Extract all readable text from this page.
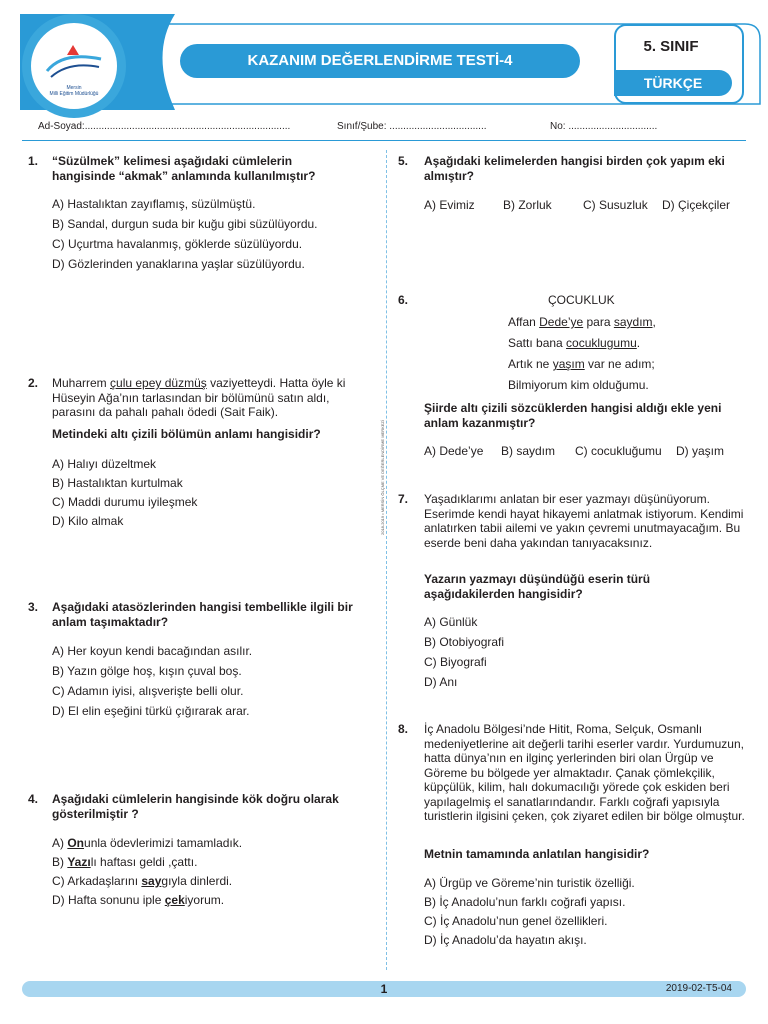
Mersin
Milli Eğitim Müdürlüğü
KAZANIM DEĞERLENDİRME TESTİ-4
5. SINIF
TÜRKÇE
Ad-Soyad:..........................................................................	Sınıf/Şube: ...................................	No: ................................
2018-2019 • MERSİN ÖLÇME VE DEĞERLENDİRME MERKEZİ
1. “Süzülmek” kelimesi aşağıdaki cümlelerin hangisinde “akmak” anlamında kullanılmıştır?
A) Hastalıktan zayıflamış, süzülmüştü.
B) Sandal, durgun suda bir kuğu gibi süzülüyordu.
C) Uçurtma havalanmış, göklerde süzülüyordu.
D) Gözlerinden yanaklarına yaşlar süzülüyordu.
2. Muharrem çulu epey düzmüş vaziyetteydi. Hatta öyle ki Hüseyin Ağa’nın tarlasından bir bölümünü satın aldı, parasını da pahalı pahalı ödedi (Sait Faik).
Metindeki altı çizili bölümün anlamı hangisidir?
A) Halıyı düzeltmek
B) Hastalıktan kurtulmak
C) Maddi durumu iyileşmek
D) Kilo almak
3. Aşağıdaki atasözlerinden hangisi tembellikle ilgili bir anlam taşımaktadır?
A) Her koyun kendi bacağından asılır.
B) Yazın gölge hoş, kışın çuval boş.
C) Adamın iyisi, alışverişte belli olur.
D) El elin eşeğini türkü çığırarak arar.
4. Aşağıdaki cümlelerin hangisinde kök doğru olarak gösterilmiştir ?
A) Onunla ödevlerimizi tamamladık.
B) Yazılı haftası geldi ,çattı.
C) Arkadaşlarını saygıyla dinlerdi.
D) Hafta sonunu iple çekiyorum.
5. Aşağıdaki kelimelerden hangisi birden çok yapım eki almıştır?
A) Evimiz B) Zorluk	C) Susuzluk D) Çiçekçiler
6.	ÇOCUKLUK
Affan Dede’ye para saydım,
Sattı bana cocuklugumu.
Artık ne yaşım var ne adım;
Bilmiyorum kim olduğumu.
Şiirde altı çizili sözcüklerden hangisi aldığı ekle yeni anlam kazanmıştır?
A) Dede’ye B) saydım C) cocukluğumu D) yaşım
7. Yaşadıklarımı anlatan bir eser yazmayı düşünüyorum. Eserimde kendi hayat hikayemi anlatmak istiyorum. Kendimi anlatırken tabii ailemi ve yakın çevremi unutmayacağım. Bu eserde beni daha yakından tanıyacaksınız.
Yazarın yazmayı düşündüğü eserin türü aşağıdakilerden hangisidir?
A) Günlük
B) Otobiyografi
C) Biyografi
D) Anı
8. İç Anadolu Bölgesi’nde Hitit, Roma, Selçuk, Osmanlı medeniyetlerine ait değerli tarihi eserler vardır. Yurdumuzun, hatta dünya’nın en ilginç yerlerinden biri olan Ürgüp ve Göreme bu bölgede yer almaktadır. Çanak çömlekçilik, küpçülük, kilim, halı dokumacılığı yörede çok eskiden beri yapılagelmiş el sanatlarındandır. Farklı coğrafi yapısıyla turistlerin ilgisini çeken, çok ziyaret edilen bir bölge olmuştur.
Metnin tamamında anlatılan hangisidir?
A) Ürgüp ve Göreme’nin turistik özelliği.
B) İç Anadolu’nun farklı coğrafi yapısı.
C) İç Anadolu’nun genel özellikleri.
D) İç Anadolu’da hayatın akışı.
1	2019-02-T5-04
